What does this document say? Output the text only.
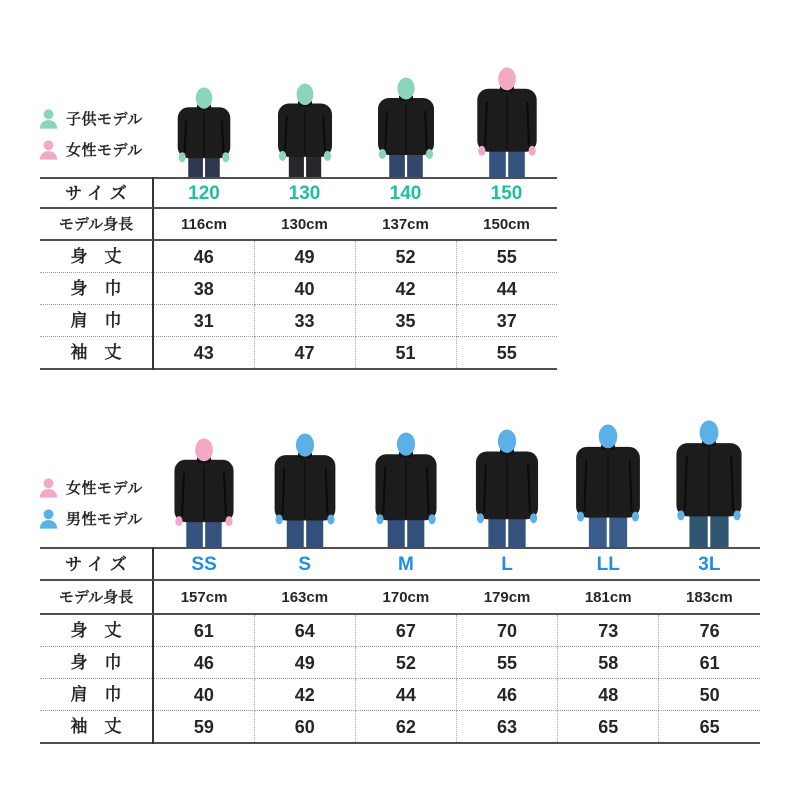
子供モデル
女性モデル
サイズ	120	130	140	150
モデル身長	116cm	130cm	137cm	150cm
身　丈	46	49	52	55
身　巾	38	40	42	44
肩　巾	31	33	35	37
袖　丈	43	47	51	55
女性モデル
男性モデル
サイズ	SS	S	M	L	LL	3L
モデル身長	157cm	163cm	170cm	179cm	181cm	183cm
身　丈	61	64	67	70	73	76
身　巾	46	49	52	55	58	61
肩　巾	40	42	44	46	48	50
袖　丈	59	60	62	63	65	65
